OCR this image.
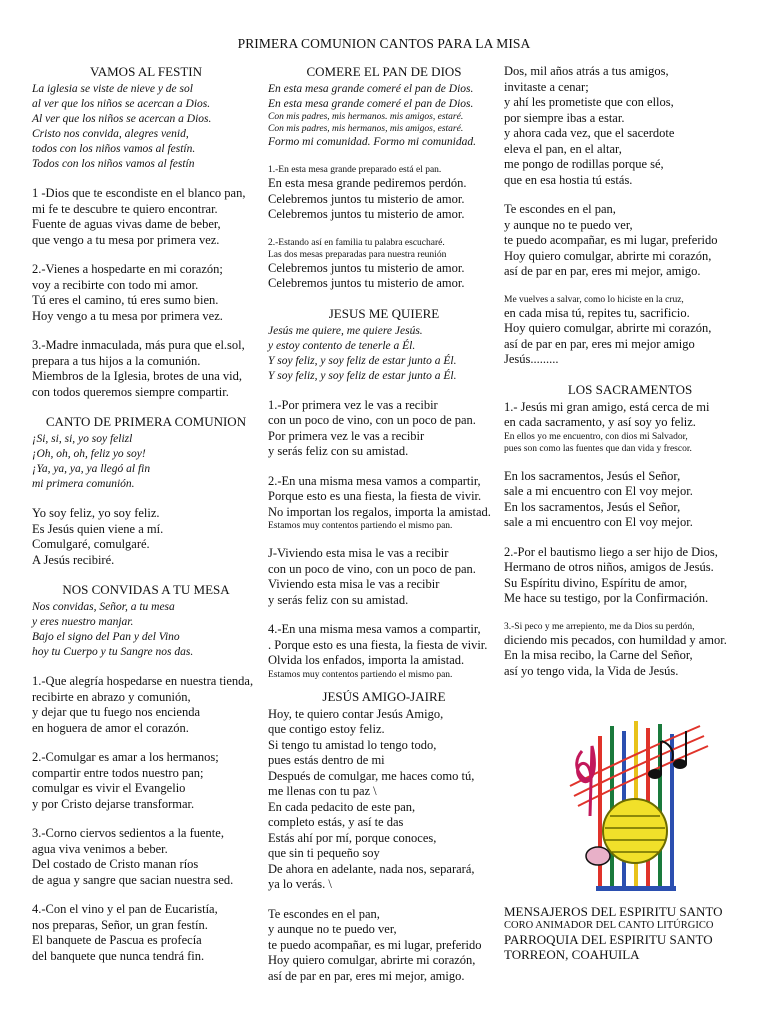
PRIMERA COMUNION CANTOS PARA LA MISA
VAMOS AL FESTIN
La iglesia se viste de nieve y de sol
al ver que los niños se acercan a Dios.
Al ver que los niños se acercan a Dios.
Cristo nos convida, alegres venid,
todos con los niños vamos al festín.
Todos con los niños vamos al festín
1 -Dios que te escondiste en el blanco pan,
mi fe te descubre te quiero encontrar.
Fuente de aguas vivas dame de beber,
que vengo a tu mesa por primera vez.
2.-Vienes a hospedarte en mi corazón;
voy a recibirte con todo mi amor.
Tú eres el camino, tú eres sumo bien.
Hoy vengo a tu mesa por primera vez.
3.-Madre inmaculada, más pura que el.sol,
prepara a tus hijos a la comunión.
Miembros de la Iglesia, brotes de una vid,
con todos queremos siempre compartir.
CANTO DE PRIMERA COMUNION
¡Si, si, si, yo soy felizl
¡Oh, oh, oh, feliz yo soy!
¡Ya, ya, ya, ya llegó al fin
mi primera comunión.
Yo soy feliz, yo soy feliz.
Es Jesús quien viene a mí.
Comulgaré, comulgaré.
A Jesús recibiré.
NOS CONVIDAS A TU MESA
Nos convidas, Señor, a tu mesa
y eres nuestro manjar.
Bajo el signo del Pan y del Vino
hoy tu Cuerpo y tu Sangre nos das.
1.-Que alegría hospedarse en nuestra tienda,
recibirte en abrazo y comunión,
y dejar que tu fuego nos encienda
en hoguera de amor el corazón.
2.-Comulgar es amar a los hermanos;
compartir entre todos nuestro pan;
comulgar es vivir el Evangelio
y por Cristo dejarse transformar.
3.-Corno ciervos sedientos a la fuente,
agua viva venimos a beber.
Del costado de Cristo manan ríos
de agua y sangre que sacian nuestra sed.
4.-Con el vino y el pan de Eucaristía,
nos preparas, Señor, un gran festín.
El banquete de Pascua es profecía
del banquete que nunca tendrá fin.
COMERE EL PAN DE DIOS
En esta mesa grande comeré el pan de Dios.
En esta mesa grande comeré el pan de Dios.
Con mis padres, mis hermanos. mis amigos, estaré.
Con mis padres, mis hermanos, mis amigos, estaré.
Formo mi comunidad. Formo mi comunidad.
1.-En esta mesa grande preparado está el pan.
En esta mesa grande pediremos perdón.
Celebremos juntos tu misterio de amor.
Celebremos juntos tu misterio de amor.
2.-Estando así en familia tu palabra escucharé.
Las dos mesas preparadas para nuestra reunión
Celebremos juntos tu misterio de amor.
Celebremos juntos tu misterio de amor.
JESUS ME QUIERE
Jesús me quiere, me quiere Jesús.
y estoy contento de tenerle a Él.
Y soy feliz, y soy feliz de estar junto a Él.
Y soy feliz, y soy feliz de estar junto a Él.
1.-Por primera vez le vas a recibir
con un poco de vino, con un poco de pan.
Por primera vez le vas a recibir
y serás feliz con su amistad.
2.-En una misma mesa vamos a compartir,
Porque esto es una fiesta, la fiesta de vivir.
No importan los regalos, importa la amistad.
Estamos muy contentos partiendo el mismo pan.
J-Viviendo esta misa le vas a recibir
con un poco de vino, con un poco de pan.
Viviendo esta misa le vas a recibir
y serás feliz con su amistad.
4.-En una misma mesa vamos a compartir,
. Porque esto es una fiesta, la fiesta de vivir.
Olvida los enfados, importa la amistad.
Estamos muy contentos partiendo el mismo pan.
JESÚS AMIGO-JAIRE
Hoy, te quiero contar Jesús Amigo,
que contigo estoy feliz.
Si tengo tu amistad lo tengo todo,
pues estás dentro de mi
Después de comulgar, me haces como tú,
me llenas con tu paz \
En cada pedacito de este pan,
completo estás, y así te das
Estás ahí por mí, porque conoces,
que sin ti pequeño soy
De ahora en adelante, nada nos, separará,
ya lo verás. \
Te escondes en el pan,
y aunque no te puedo ver,
te puedo acompañar, es mi lugar, preferido
Hoy quiero comulgar, abrirte mi corazón,
así de par en par, eres mi mejor, amigo.
Dos, mil años atrás a tus amigos,
invitaste a cenar;
y ahí les prometiste que con ellos,
por siempre ibas a estar.
y ahora cada vez, que el sacerdote
eleva el pan, en el altar,
me pongo de rodillas porque sé,
que en esa hostia tú estás.
Te escondes en el pan,
y aunque no te puedo ver,
te puedo acompañar, es mi lugar, preferido
Hoy quiero comulgar, abrirte mi corazón,
así de par en par, eres mi mejor, amigo.
Me vuelves a salvar, como lo hiciste en la cruz,
en cada misa tú, repites tu, sacrificio.
Hoy quiero comulgar, abrirte mi corazón,
así de par en par, eres mi mejor amigo
Jesús.........
LOS SACRAMENTOS
1.- Jesús mi gran amigo, está cerca de mi
en cada sacramento, y así soy yo feliz.
En ellos yo me encuentro, con dios mi Salvador,
pues son como las fuentes que dan vida y frescor.
En los sacramentos, Jesús el Señor,
sale a mi encuentro con El voy mejor.
En los sacramentos, Jesús el Señor,
sale a mi encuentro con El voy mejor.
2.-Por el bautismo liego a ser hijo de Dios,
Hermano de otros niños, amigos de Jesús.
Su Espíritu divino, Espíritu de amor,
Me hace su testigo, por la Confirmación.
3.-Si peco y me arrepiento, me da Dios su perdón,
diciendo mis pecados, con humildad y amor.
En la misa recibo, la Carne del Señor,
así yo tengo vida, la Vida de Jesús.
MENSAJEROS DEL ESPIRITU SANTO
CORO ANIMADOR DEL CANTO LITÚRGICO
PARROQUIA DEL ESPIRITU SANTO
TORREON, COAHUILA
